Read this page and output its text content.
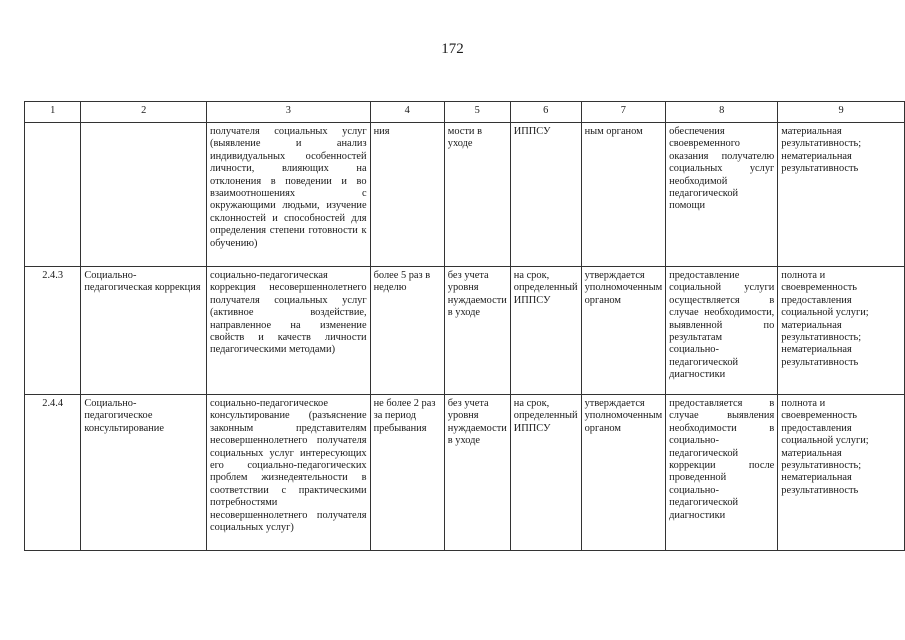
172
1	2	3	4	5	6	7	8	9
		получателя социальных услуг (выявление и анализ индивидуальных особенностей личности, влияющих на отклонения в поведении и во взаимоотношениях с окружающими людьми, изучение склонностей и способностей для определения степени готовности к обучению)	ния	мости в уходе	ИППСУ	ным органом	обеспечения своевременного оказания получателю социальных услуг необходимой педагогической помощи	материальная результативность; нематериальная результативность
2.4.3	Социально-педагогическая коррекция	социально-педагогическая коррекция несовершеннолетнего получателя социальных услуг (активное воздействие, направленное на изменение свойств и качеств личности педагогическими методами)	более 5 раз в неделю	без учета уровня нуждаемости в уходе	на срок, определенный ИППСУ	утверждается уполномоченным органом	предоставление социальной услуги осуществляется в случае необходимости, выявленной по результатам социально-педагогической диагностики	полнота и своевременность предоставления социальной услуги; материальная результативность; нематериальная результативность
2.4.4	Социально-педагогическое консультирование	социально-педагогическое консультирование (разъяснение законным представителям несовершеннолетнего получателя социальных услуг интересующих его социально-педагогических проблем жизнедеятельности в соответствии с практическими потребностями несовершеннолетнего получателя социальных услуг)	не более 2 раз за период пребывания	без учета уровня нуждаемости в уходе	на срок, определенный ИППСУ	утверждается уполномоченным органом	предоставляется в случае выявления необходимости в социально-педагогической коррекции после проведенной социально-педагогической диагностики	полнота и своевременность предоставления социальной услуги; материальная результативность; нематериальная результативность
